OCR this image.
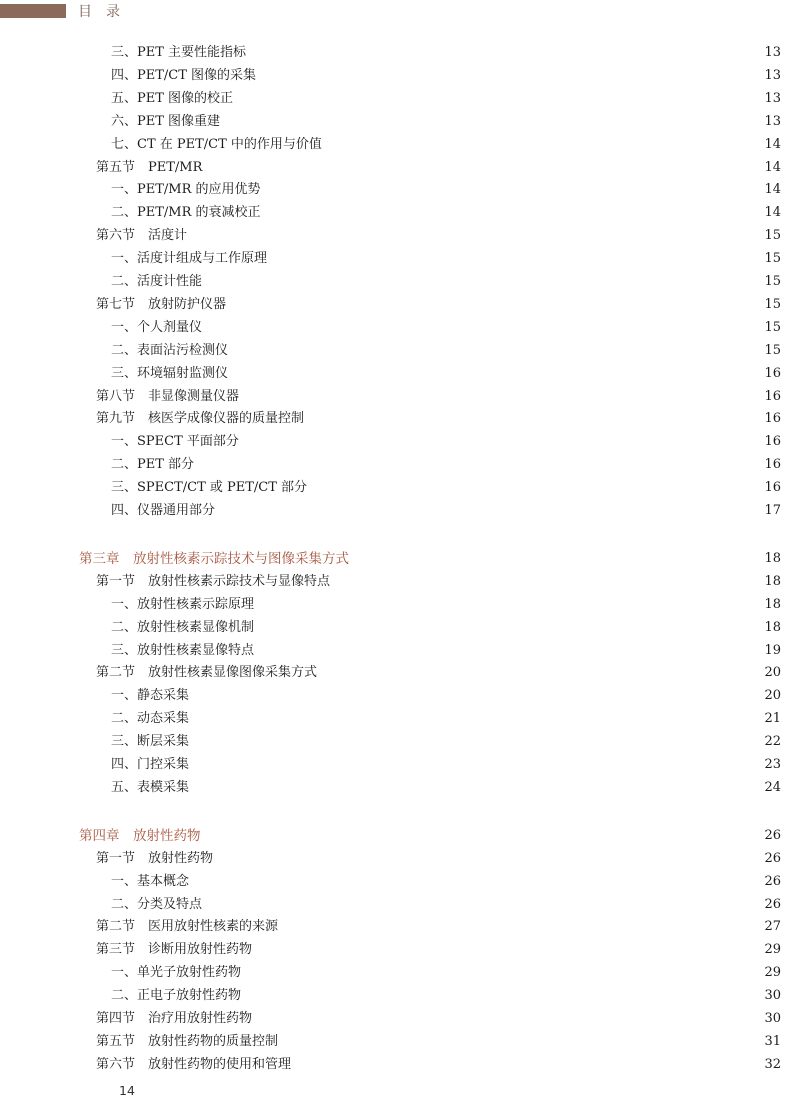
目录
三、PET 主要性能指标	13
四、PET/CT 图像的采集	13
五、PET 图像的校正	13
六、PET 图像重建	13
七、CT 在 PET/CT 中的作用与价值	14
第五节　PET/MR	14
一、PET/MR 的应用优势	14
二、PET/MR 的衰减校正	14
第六节　活度计	15
一、活度计组成与工作原理	15
二、活度计性能	15
第七节　放射防护仪器	15
一、个人剂量仪	15
二、表面沾污检测仪	15
三、环境辐射监测仪	16
第八节　非显像测量仪器	16
第九节　核医学成像仪器的质量控制	16
一、SPECT 平面部分	16
二、PET 部分	16
三、SPECT/CT 或 PET/CT 部分	16
四、仪器通用部分	17
第三章　放射性核素示踪技术与图像采集方式	18
第一节　放射性核素示踪技术与显像特点	18
一、放射性核素示踪原理	18
二、放射性核素显像机制	18
三、放射性核素显像特点	19
第二节　放射性核素显像图像采集方式	20
一、静态采集	20
二、动态采集	21
三、断层采集	22
四、门控采集	23
五、表模采集	24
第四章　放射性药物	26
第一节　放射性药物	26
一、基本概念	26
二、分类及特点	26
第二节　医用放射性核素的来源	27
第三节　诊断用放射性药物	29
一、单光子放射性药物	29
二、正电子放射性药物	30
第四节　治疗用放射性药物	30
第五节　放射性药物的质量控制	31
第六节　放射性药物的使用和管理	32
14
